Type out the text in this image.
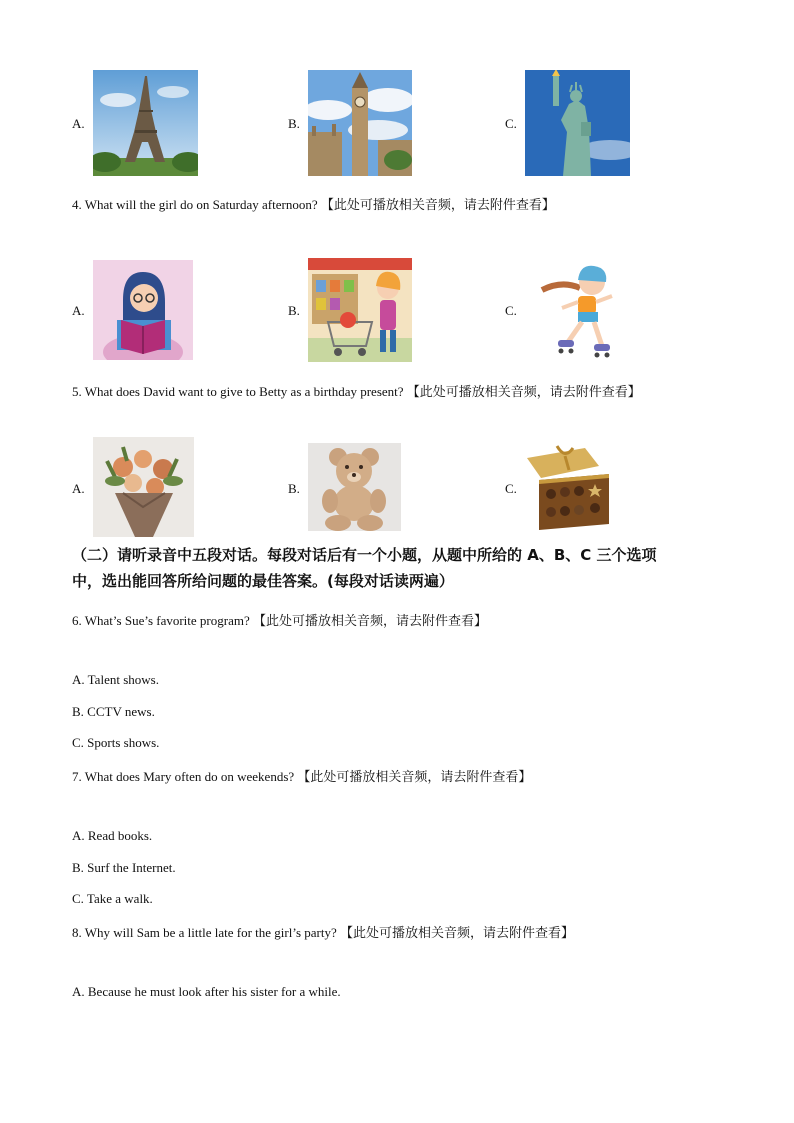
A.	B.	C.
4. What will the girl do on Saturday afternoon? 【此处可播放相关音频，请去附件查看】
A.	B.	C.
5. What does David want to give to Betty as a birthday present? 【此处可播放相关音频，请去附件查看】
A.	B.	C.
（二）请听录音中五段对话。每段对话后有一个小题，从题中所给的 A、B、C 三个选项
中，选出能回答所给问题的最佳答案。(每段对话读两遍）
6. What’s Sue’s favorite program? 【此处可播放相关音频，请去附件查看】
A. Talent shows.
B. CCTV news.
C. Sports shows.
7. What does Mary often do on weekends? 【此处可播放相关音频，请去附件查看】
A. Read books.
B. Surf the Internet.
C. Take a walk.
8. Why will Sam be a little late for the girl’s party? 【此处可播放相关音频，请去附件查看】
A. Because he must look after his sister for a while.
